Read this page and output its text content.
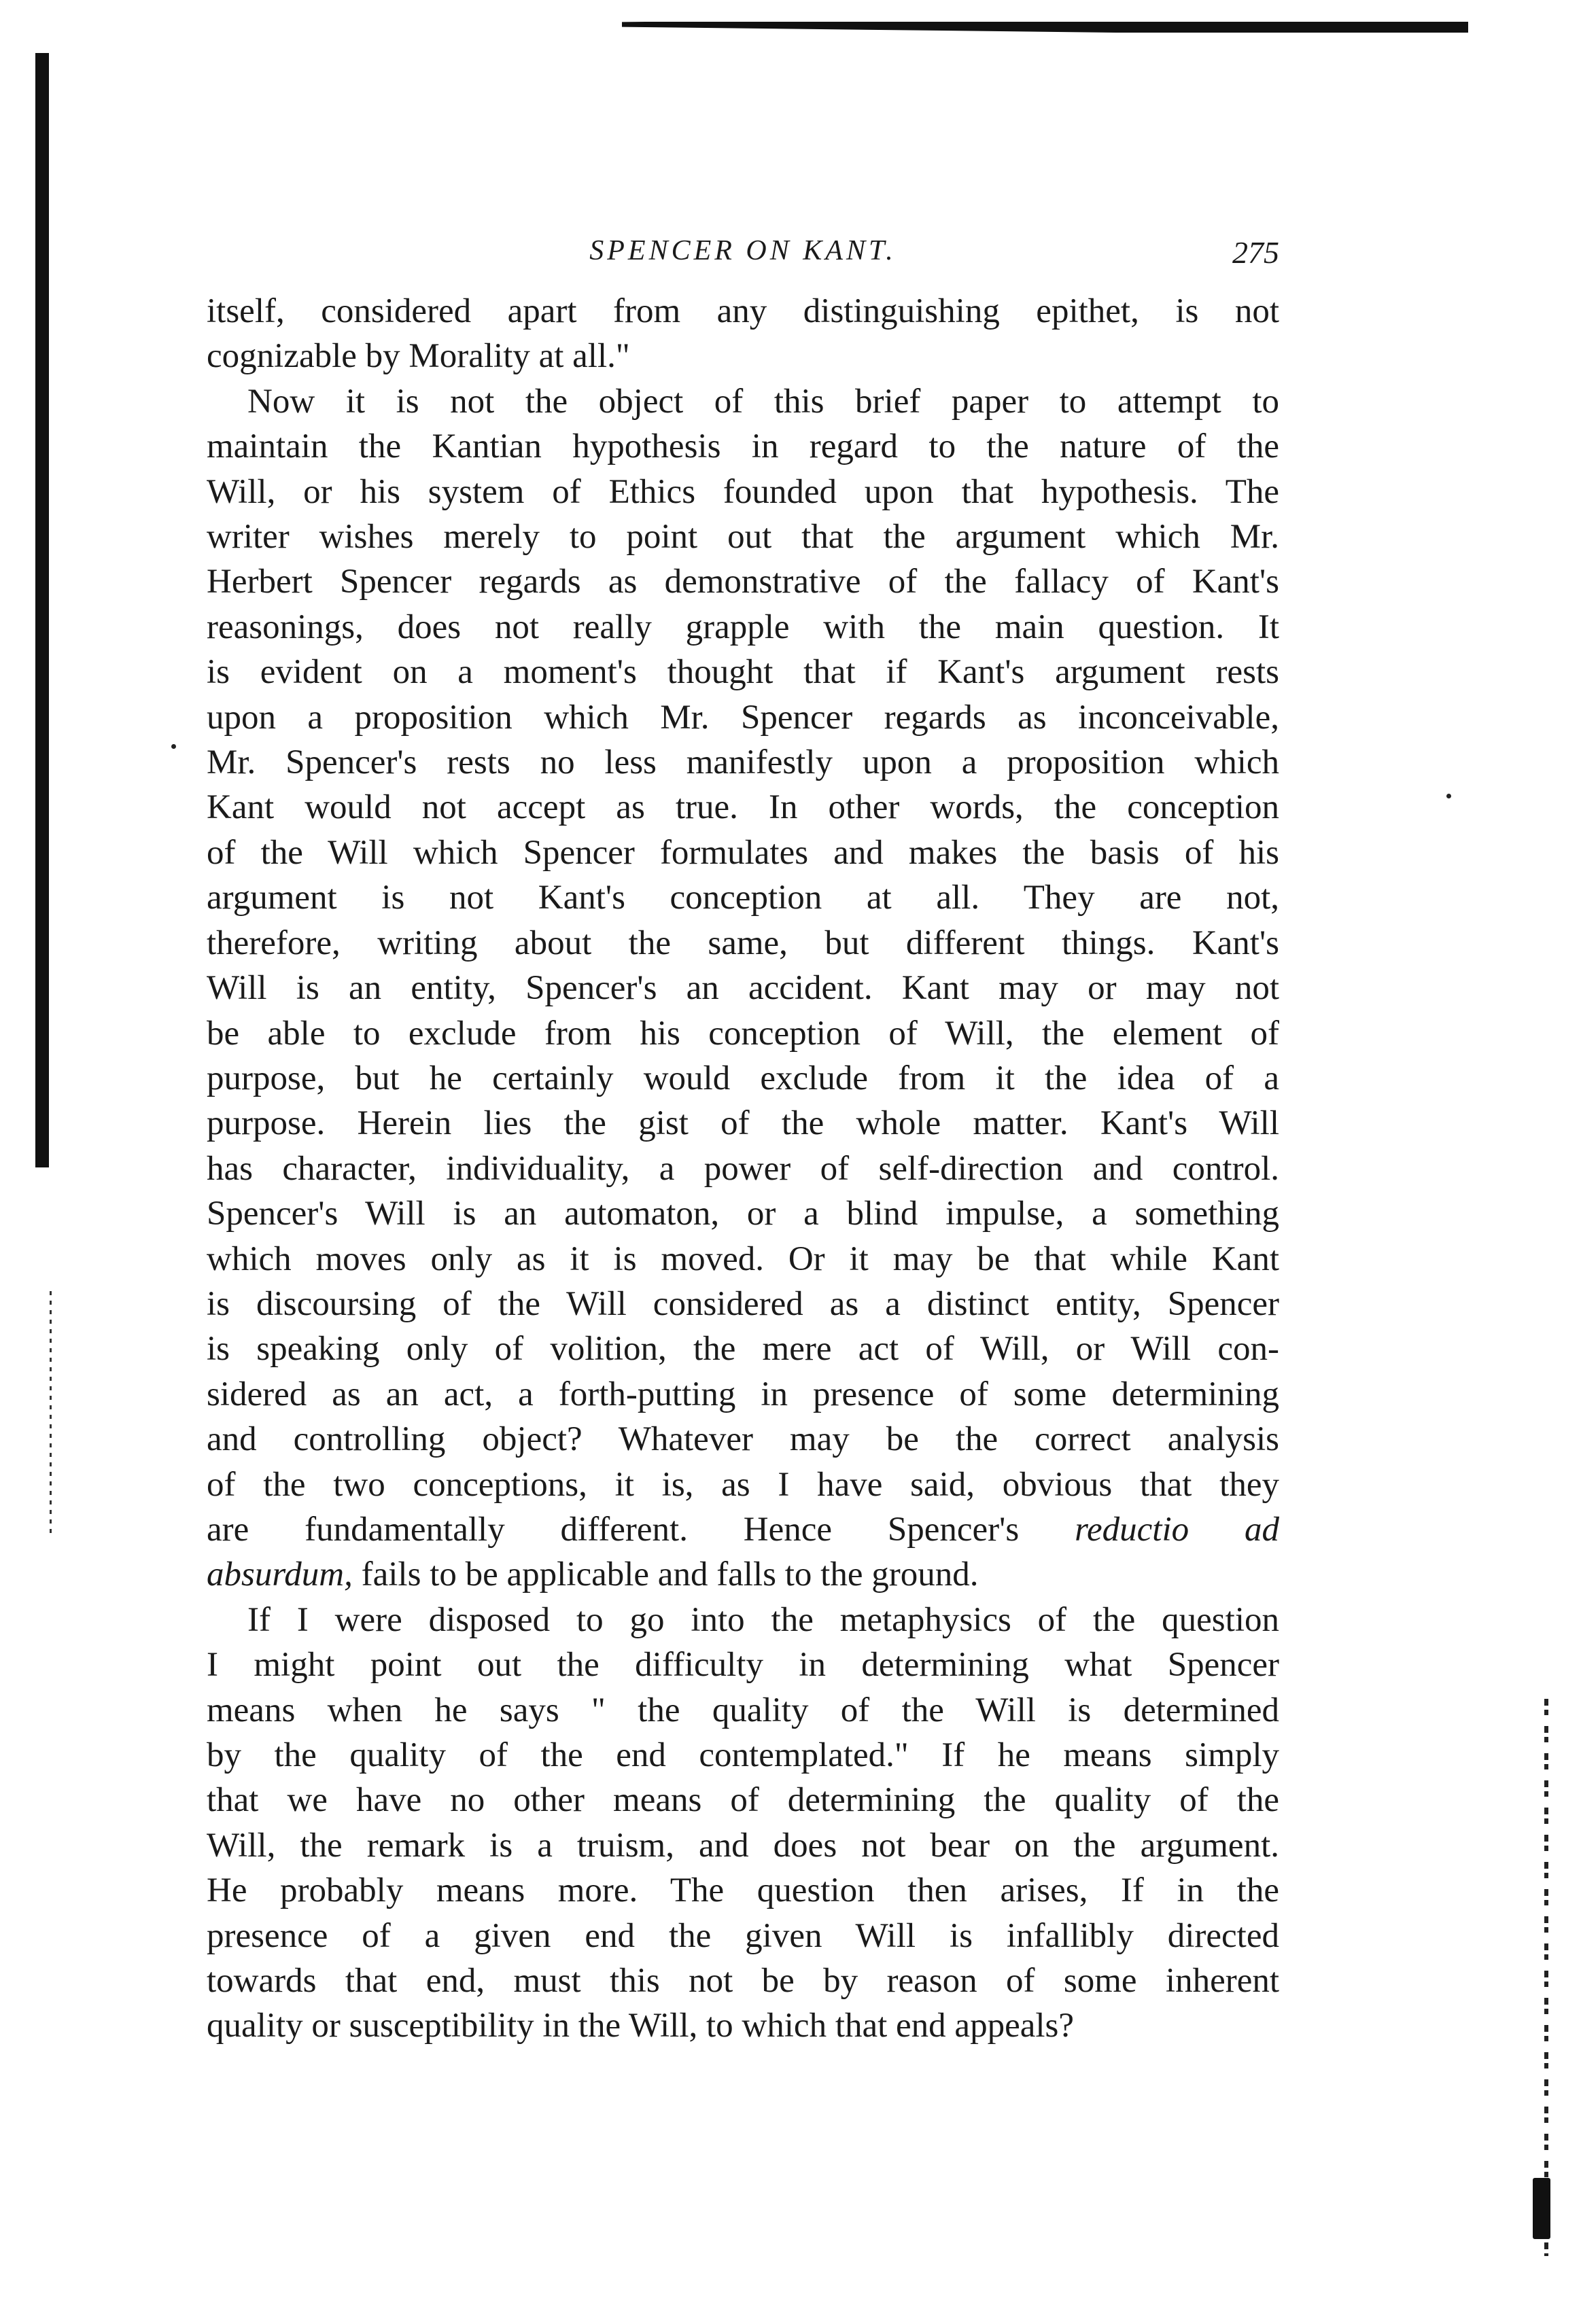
SPENCER ON KANT.	275

itself, considered apart from any distinguishing epithet, is not
cognizable by Morality at all."

Now it is not the object of this brief paper to attempt to
maintain the Kantian hypothesis in regard to the nature of the
Will, or his system of Ethics founded upon that hypothesis. The
writer wishes merely to point out that the argument which Mr.
Herbert Spencer regards as demonstrative of the fallacy of Kant's
reasonings, does not really grapple with the main question. It
is evident on a moment's thought that if Kant's argument rests
upon a proposition which Mr. Spencer regards as inconceivable,
Mr. Spencer's rests no less manifestly upon a proposition which
Kant would not accept as true. In other words, the conception
of the Will which Spencer formulates and makes the basis of his
argument is not Kant's conception at all. They are not,
therefore, writing about the same, but different things. Kant's
Will is an entity, Spencer's an accident. Kant may or may not
be able to exclude from his conception of Will, the element of
purpose, but he certainly would exclude from it the idea of a
purpose. Herein lies the gist of the whole matter. Kant's Will
has character, individuality, a power of self-direction and control.
Spencer's Will is an automaton, or a blind impulse, a something
which moves only as it is moved. Or it may be that while Kant
is discoursing of the Will considered as a distinct entity, Spencer
is speaking only of volition, the mere act of Will, or Will con-
sidered as an act, a forth-putting in presence of some determining
and controlling object? Whatever may be the correct analysis
of the two conceptions, it is, as I have said, obvious that they
are fundamentally different. Hence Spencer's reductio ad
absurdum, fails to be applicable and falls to the ground.

If I were disposed to go into the metaphysics of the question
I might point out the difficulty in determining what Spencer
means when he says " the quality of the Will is determined
by the quality of the end contemplated." If he means simply
that we have no other means of determining the quality of the
Will, the remark is a truism, and does not bear on the argument.
He probably means more. The question then arises, If in the
presence of a given end the given Will is infallibly directed
towards that end, must this not be by reason of some inherent
quality or susceptibility in the Will, to which that end appeals?
